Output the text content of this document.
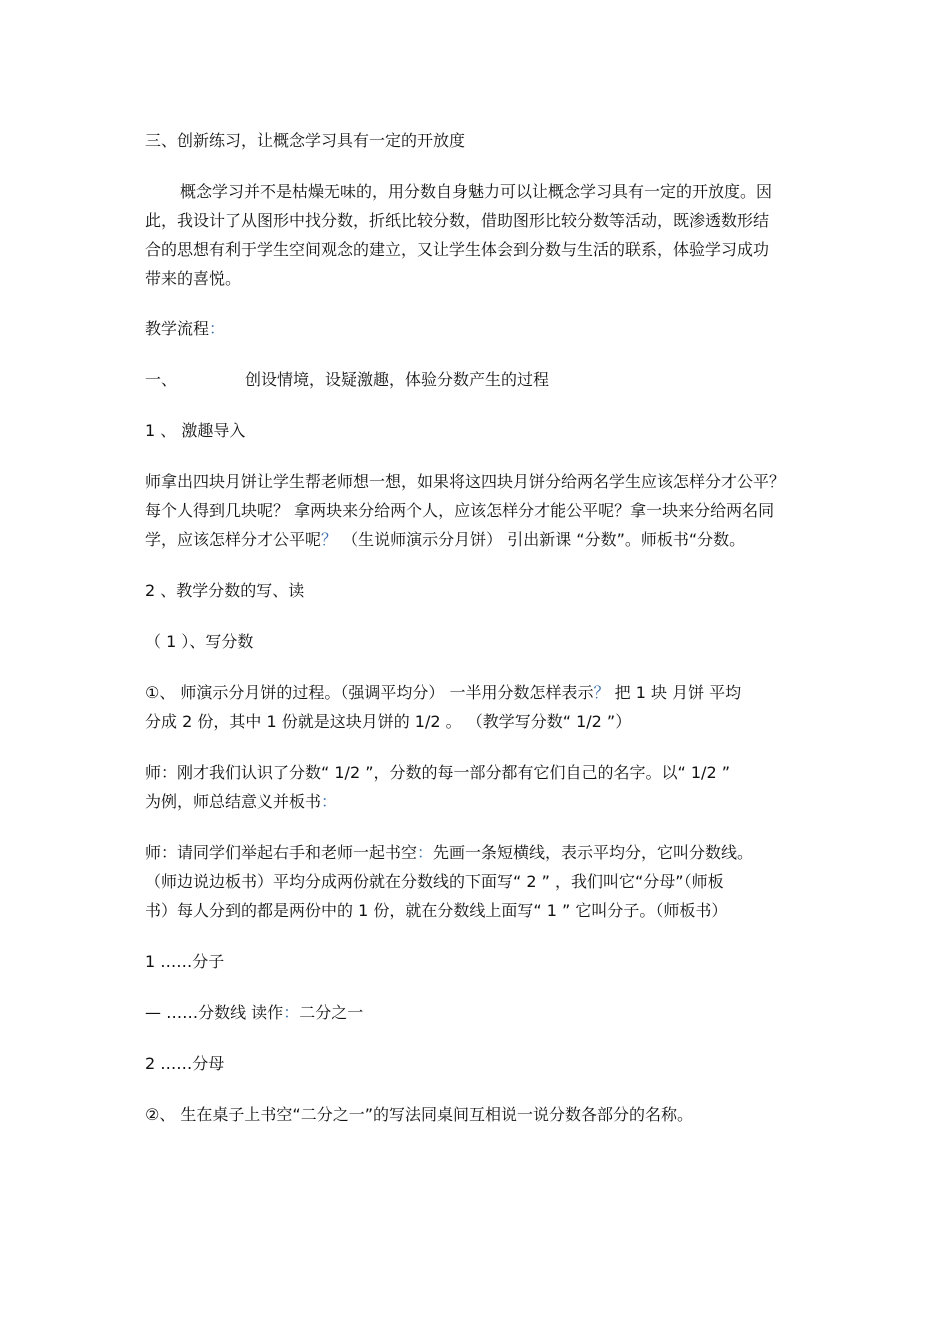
三、创新练习，让概念学习具有一定的开放度
概念学习并不是枯燥无味的，用分数自身魅力可以让概念学习具有一定的开放度。因
此，我设计了从图形中找分数，折纸比较分数，借助图形比较分数等活动，既渗透数形结
合的思想有利于学生空间观念的建立，又让学生体会到分数与生活的联系，体验学习成功
带来的喜悦。
教学流程：
一、	创设情境，设疑激趣，体验分数产生的过程
1 、 激趣导入
师拿出四块月饼让学生帮老师想一想，如果将这四块月饼分给两名学生应该怎样分才公平？
每个人得到几块呢？ 拿两块来分给两个人，应该怎样分才能公平呢？拿一块来分给两名同
学，应该怎样分才公平呢？ （生说师演示分月饼） 引出新课 “分数”。师板书“分数。
2 、教学分数的写、读
（ 1 ）、写分数
①、 师演示分月饼的过程。（强调平均分） 一半用分数怎样表示？ 把 1 块 月饼 平均
分成 2 份，其中 1 份就是这块月饼的 1/2 。 （教学写分数“ 1/2 ”）
师：刚才我们认识了分数“ 1/2 ”，分数的每一部分都有它们自己的名字。以“ 1/2 ”
为例，师总结意义并板书：
师：请同学们举起右手和老师一起书空：先画一条短横线，表示平均分，它叫分数线。
（师边说边板书）平均分成两份就在分数线的下面写“ 2 ” ，我们叫它“分母”（师板
书）每人分到的都是两份中的 1 份，就在分数线上面写“ 1 ” 它叫分子。（师板书）
1 ……分子
— ……分数线 读作：二分之一
2 ……分母
②、 生在桌子上书空“二分之一”的写法同桌间互相说一说分数各部分的名称。
